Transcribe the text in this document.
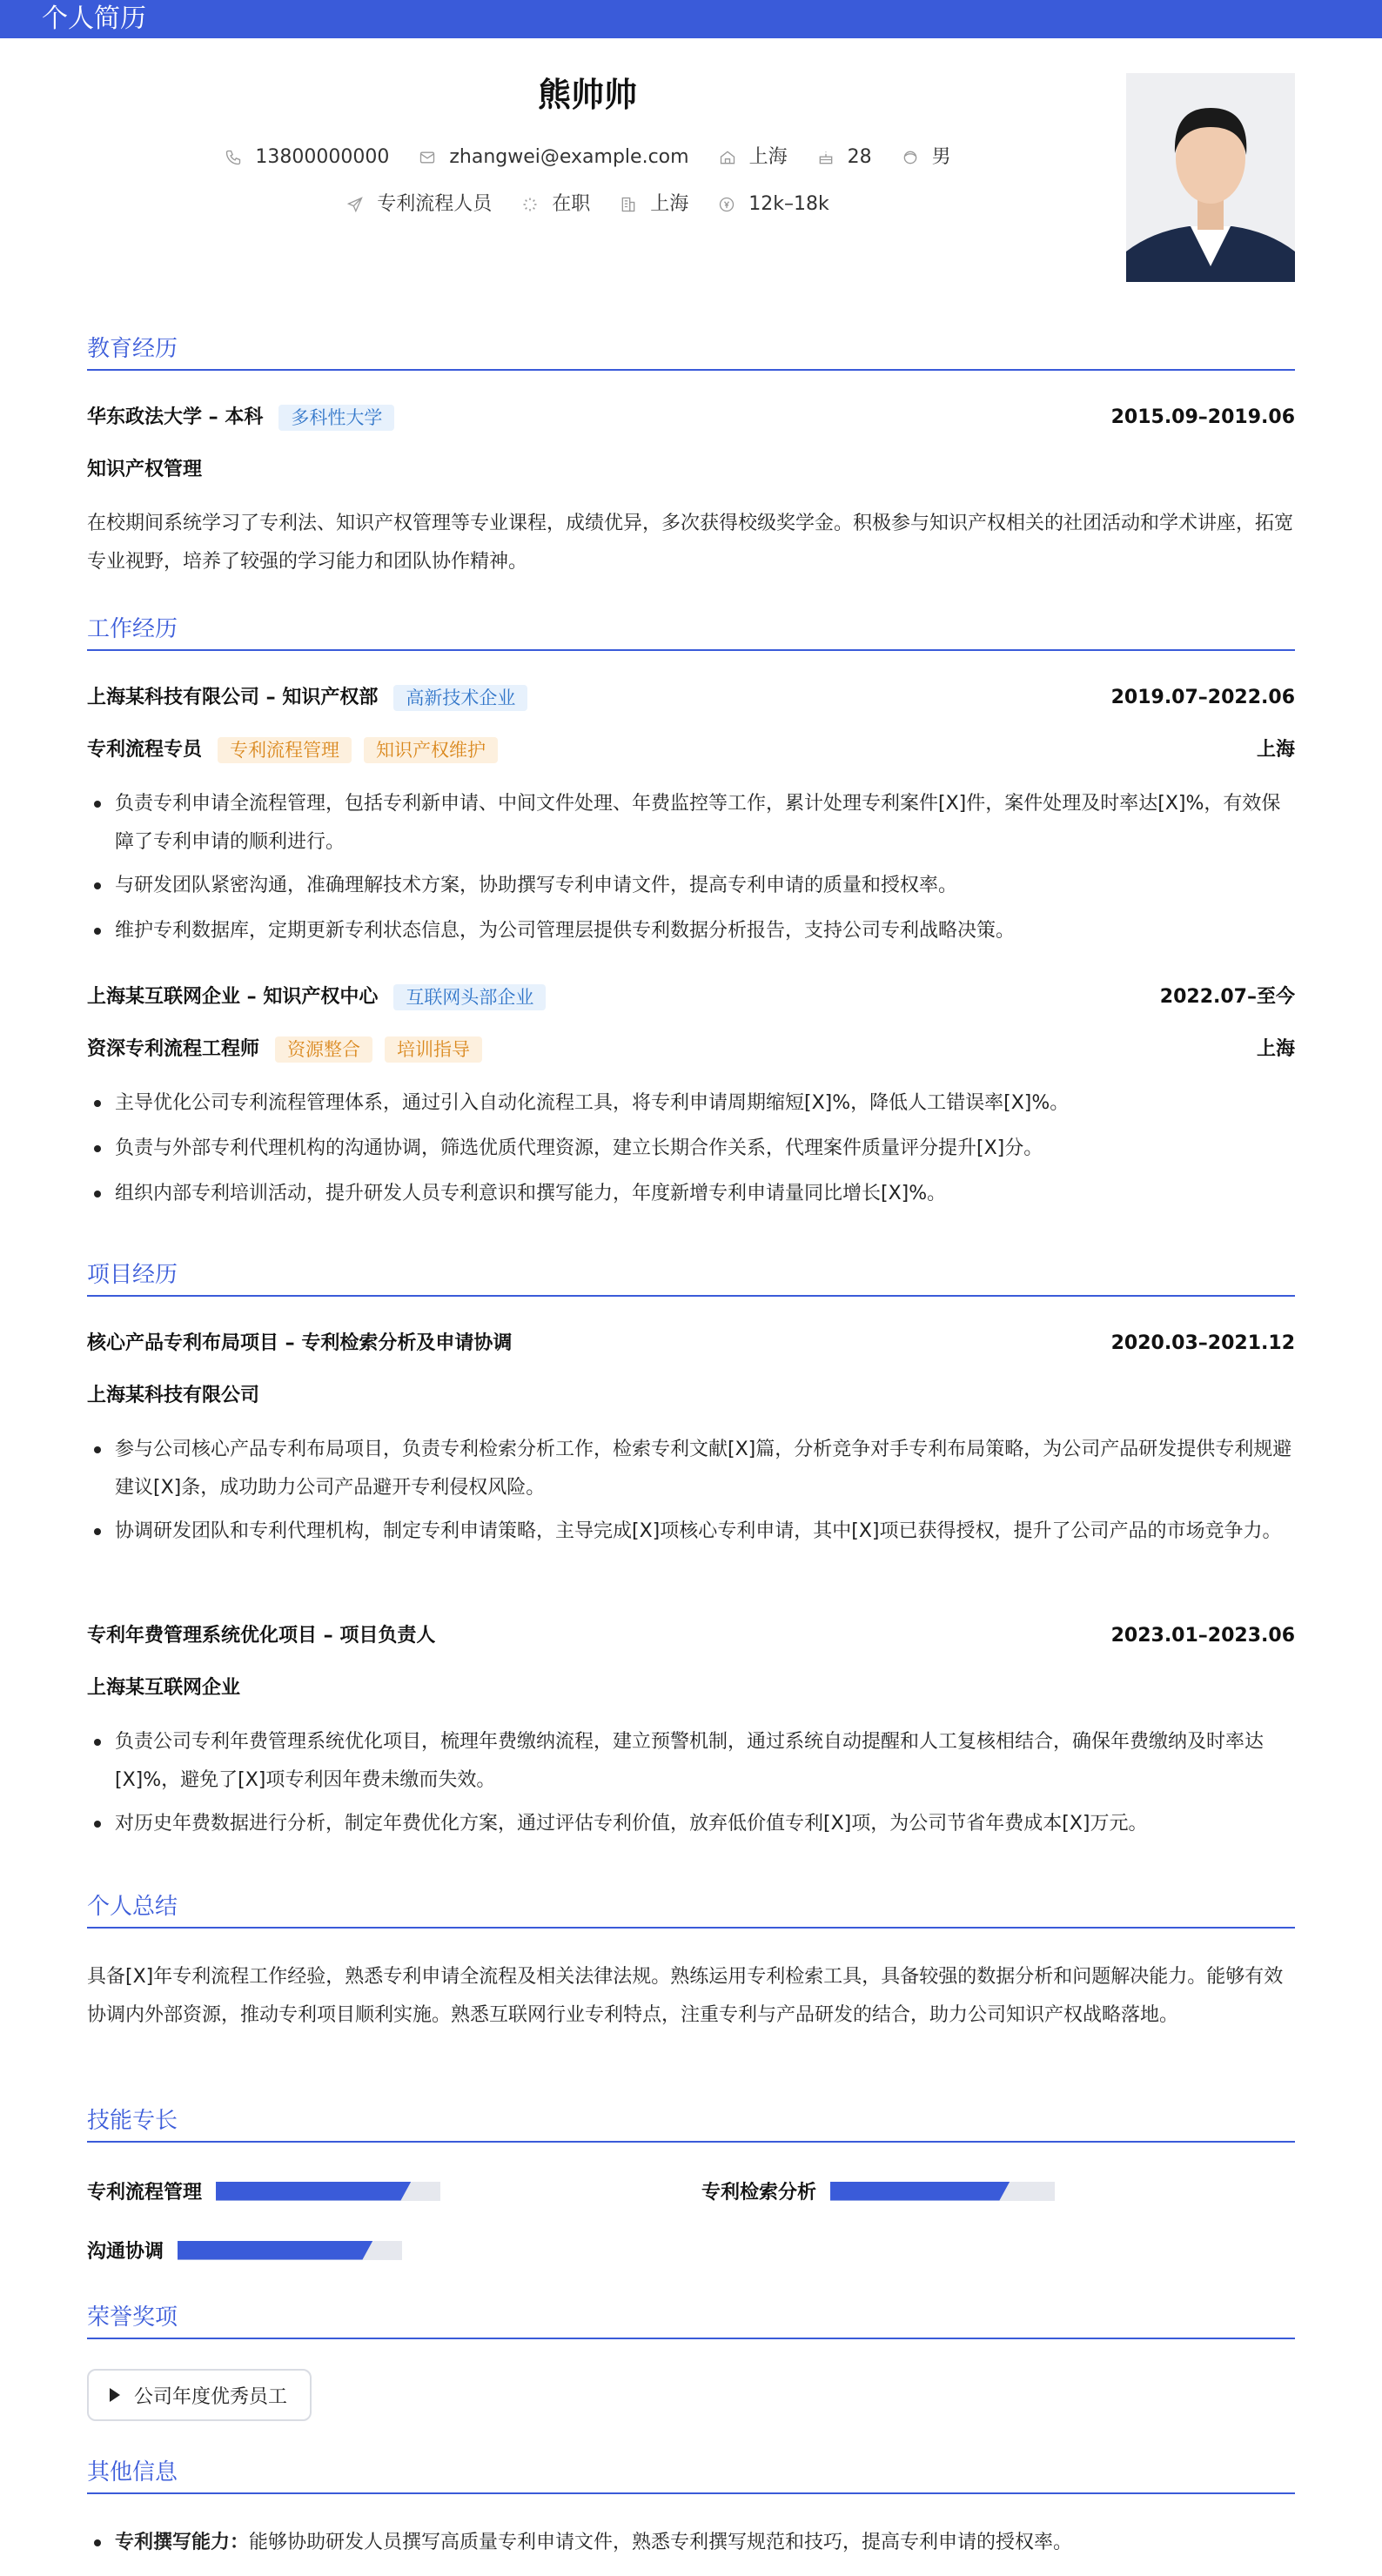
个人简历
熊帅帅
13800000000
	zhangwei@example.com
	上海
	28
	男
专利流程人员
	在职
	上海
	12k–18k
教育经历
华东政法大学 – 本科	多科性大学	2015.09–2019.06
知识产权管理
在校期间系统学习了专利法、知识产权管理等专业课程，成绩优异，多次获得校级奖学金。积极参与知识产权相关的社团活动和学术讲座，拓宽专业视野，培养了较强的学习能力和团队协作精神。
工作经历
上海某科技有限公司 – 知识产权部	高新技术企业	2019.07–2022.06
专利流程专员	专利流程管理	知识产权维护	上海
负责专利申请全流程管理，包括专利新申请、中间文件处理、年费监控等工作，累计处理专利案件[X]件，案件处理及时率达[X]%，有效保障了专利申请的顺利进行。
与研发团队紧密沟通，准确理解技术方案，协助撰写专利申请文件，提高专利申请的质量和授权率。
维护专利数据库，定期更新专利状态信息，为公司管理层提供专利数据分析报告，支持公司专利战略决策。
上海某互联网企业 – 知识产权中心	互联网头部企业	2022.07–至今
资深专利流程工程师	资源整合	培训指导	上海
主导优化公司专利流程管理体系，通过引入自动化流程工具，将专利申请周期缩短[X]%，降低人工错误率[X]%。
负责与外部专利代理机构的沟通协调，筛选优质代理资源，建立长期合作关系，代理案件质量评分提升[X]分。
组织内部专利培训活动，提升研发人员专利意识和撰写能力，年度新增专利申请量同比增长[X]%。
项目经历
核心产品专利布局项目 – 专利检索分析及申请协调	2020.03–2021.12
上海某科技有限公司
参与公司核心产品专利布局项目，负责专利检索分析工作，检索专利文献[X]篇，分析竞争对手专利布局策略，为公司产品研发提供专利规避建议[X]条，成功助力公司产品避开专利侵权风险。
协调研发团队和专利代理机构，制定专利申请策略，主导完成[X]项核心专利申请，其中[X]项已获得授权，提升了公司产品的市场竞争力。
专利年费管理系统优化项目 – 项目负责人	2023.01–2023.06
上海某互联网企业
负责公司专利年费管理系统优化项目，梳理年费缴纳流程，建立预警机制，通过系统自动提醒和人工复核相结合，确保年费缴纳及时率达[X]%，避免了[X]项专利因年费未缴而失效。
对历史年费数据进行分析，制定年费优化方案，通过评估专利价值，放弃低价值专利[X]项，为公司节省年费成本[X]万元。
个人总结
具备[X]年专利流程工作经验，熟悉专利申请全流程及相关法律法规。熟练运用专利检索工具，具备较强的数据分析和问题解决能力。能够有效协调内外部资源，推动专利项目顺利实施。熟悉互联网行业专利特点，注重专利与产品研发的结合，助力公司知识产权战略落地。
技能专长
专利流程管理	专利检索分析
沟通协调
荣誉奖项
公司年度优秀员工
其他信息
专利撰写能力：能够协助研发人员撰写高质量专利申请文件，熟悉专利撰写规范和技巧，提高专利申请的授权率。
